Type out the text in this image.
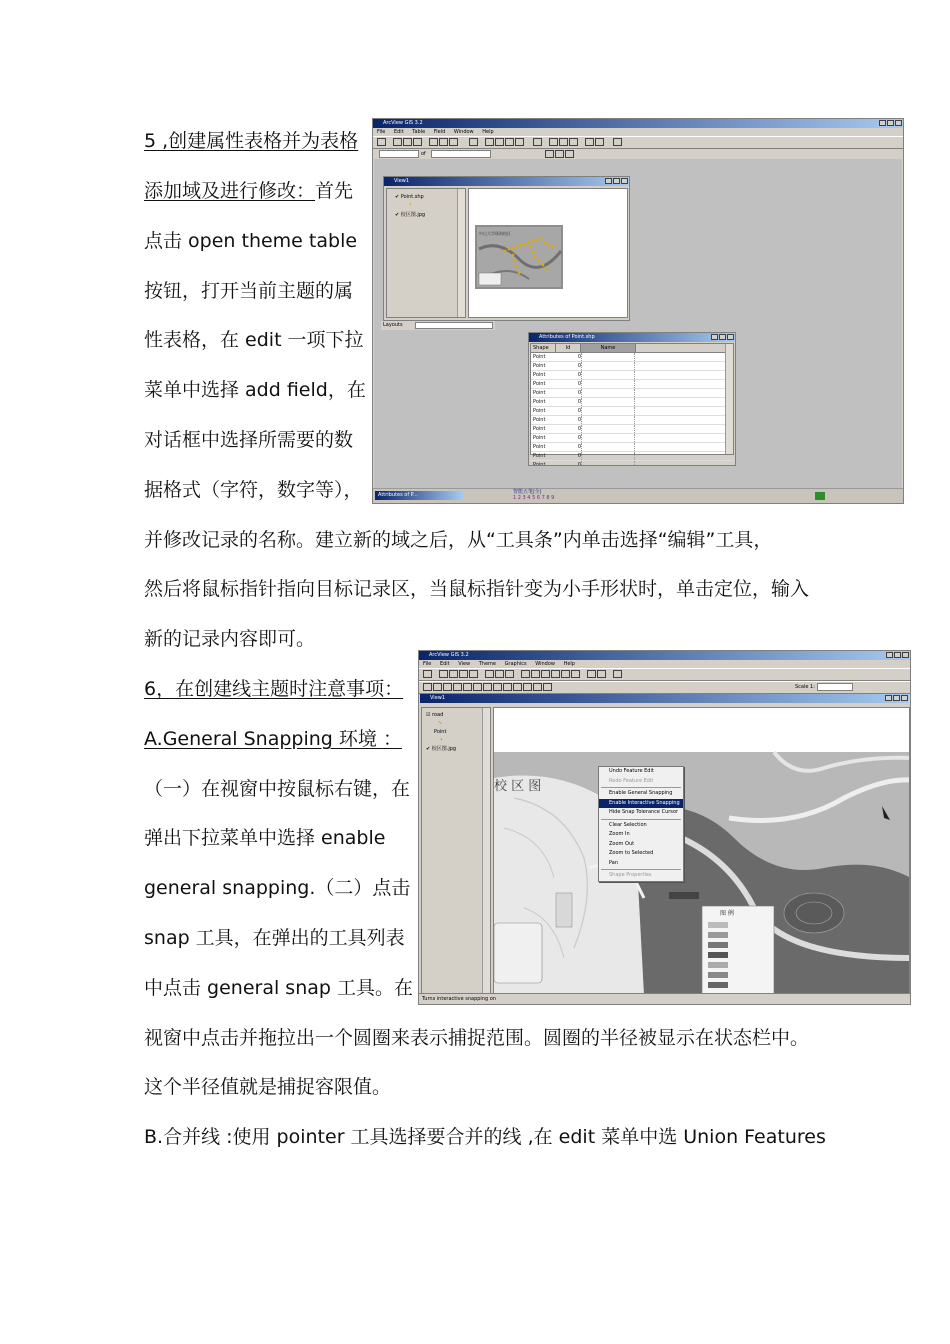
5 ,创建属性表格并为表格
添加域及进行修改：首先
点击 open theme table
按钮，打开当前主题的属
性表格，在 edit 一项下拉
菜单中选择 add field，在
对话框中选择所需要的数
据格式（字符，数字等），
并修改记录的名称。建立新的域之后，从“工具条”内单击选择“编辑”工具，
然后将鼠标指针指向目标记录区，当鼠标指针变为小手形状时，单击定位，输入
新的记录内容即可。
6，在创建线主题时注意事项：
A.General Snapping 环境 ：
（一）在视窗中按鼠标右键，在
弹出下拉菜单中选择 enable
general snapping.（二）点击
snap 工具，在弹出的工具列表
中点击 general snap 工具。在
视窗中点击并拖拉出一个圆圈来表示捕捉范围。圆圈的半径被显示在状态栏中。
这个半径值就是捕捉容限值。
B.合并线 :使用 pointer 工具选择要合并的线 ,在 edit 菜单中选 Union Features
ArcView GIS 3.2
File Edit Table Field Window Help
of
View1
✔ Point.shp
•
✔ 校区图.jpg
中山大学珠海校区
Layouts
Attributes of Point.shp
Shape	Id	Name
Point	0
Point	0
Point	0
Point	0
Point	0
Point	0
Point	0
Point	0
Point	0
Point	0
Point	0
Point	0
Point	0
Attributes of P...	智能五笔|全|
1 2 3 4 5 6 7 8 9
ArcView GIS 3.2
File Edit View Theme Graphics Window Help
Scale 1:
View1
☑ road
∿
Point
•
✔ 校区图.jpg
校 区 图
图 例
Undo Feature Edit
Redo Feature Edit
Enable General Snapping
Enable Interactive Snapping
Hide Snap Tolerance Cursor
Clear Selection
Zoom In
Zoom Out
Zoom to Selected
Pan
Shape Properties
Turns interactive snapping on
